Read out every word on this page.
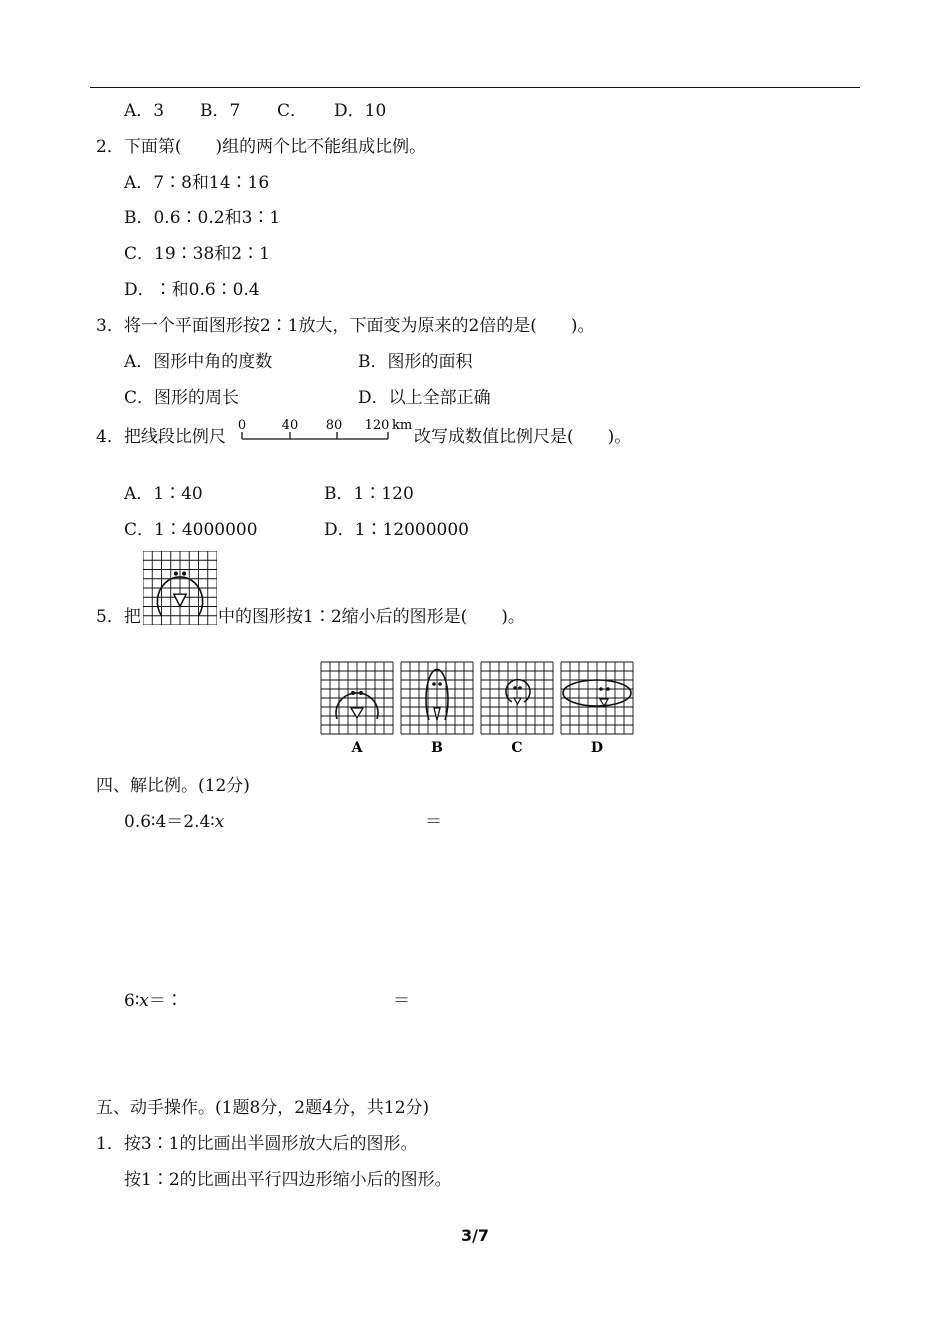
A．3 B．7 C． D．10
2．下面第(　　)组的两个比不能组成比例。
A．7∶8和14∶16
B．0.6∶0.2和3∶1
C．19∶38和2∶1
D．∶和0.6∶0.4
3．将一个平面图形按2∶1放大，下面变为原来的2倍的是(　　)。
A．图形中角的度数	B．图形的面积
C．图形的周长	D．以上全部正确
4．把线段比例尺
0	40 80 120 km
改写成数值比例尺是(　　)。
A．1∶40	B．1∶120
C．1∶4000000	D．1∶12000000
5．把	中的图形按1∶2缩小后的图形是(　　)。
A	B	C	D
四、解比例。(12分)
0.6∶4＝2.4∶x	＝
6∶x＝∶	＝
五、动手操作。(1题8分，2题4分，共12分)
1．按3∶1的比画出半圆形放大后的图形。
按1∶2的比画出平行四边形缩小后的图形。
3/7
